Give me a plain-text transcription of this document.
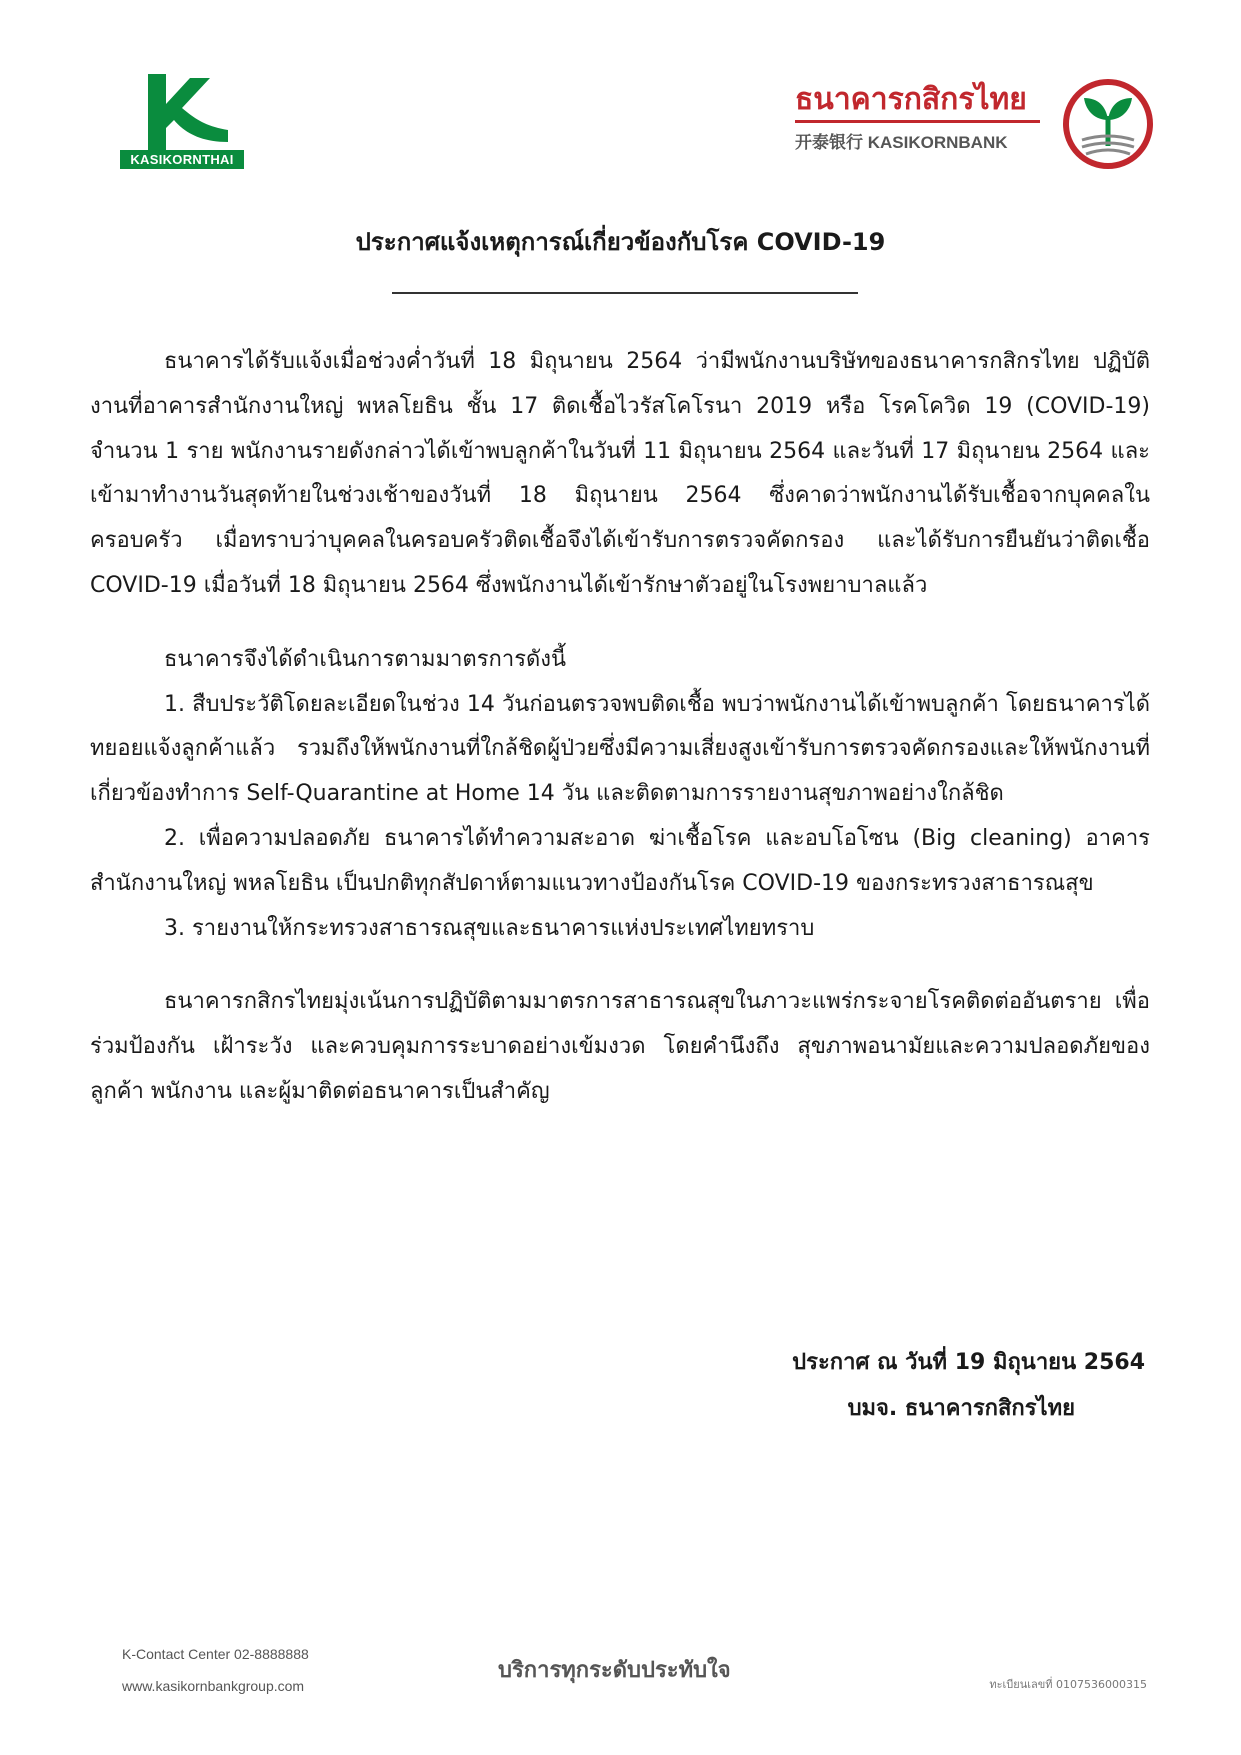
KASIKORNTHAI
ธนาคารกสิกรไทย
开泰银行 KASIKORNBANK
ประกาศแจ้งเหตุการณ์เกี่ยวข้องกับโรค COVID-19

ธนาคารได้รับแจ้งเมื่อช่วงค่ำวันที่ 18 มิถุนายน 2564 ว่ามีพนักงานบริษัทของธนาคารกสิกรไทย ปฏิบัติงานที่อาคารสำนักงานใหญ่ พหลโยธิน ชั้น 17 ติดเชื้อไวรัสโคโรนา 2019 หรือ โรคโควิด 19 (COVID-19) จำนวน 1 ราย พนักงานรายดังกล่าวได้เข้าพบลูกค้าในวันที่ 11 มิถุนายน 2564 และวันที่ 17 มิถุนายน 2564 และเข้ามาทำงานวันสุดท้ายในช่วงเช้าของวันที่ 18 มิถุนายน 2564 ซึ่งคาดว่าพนักงานได้รับเชื้อจากบุคคลในครอบครัว เมื่อทราบว่าบุคคลในครอบครัวติดเชื้อจึงได้เข้ารับการตรวจคัดกรอง และได้รับการยืนยันว่าติดเชื้อ COVID-19 เมื่อวันที่ 18 มิถุนายน 2564 ซึ่งพนักงานได้เข้ารักษาตัวอยู่ในโรงพยาบาลแล้ว

ธนาคารจึงได้ดำเนินการตามมาตรการดังนี้

1. สืบประวัติโดยละเอียดในช่วง 14 วันก่อนตรวจพบติดเชื้อ พบว่าพนักงานได้เข้าพบลูกค้า โดยธนาคารได้ทยอยแจ้งลูกค้าแล้ว รวมถึงให้พนักงานที่ใกล้ชิดผู้ป่วยซึ่งมีความเสี่ยงสูงเข้ารับการตรวจคัดกรองและให้พนักงานที่เกี่ยวข้องทำการ Self-Quarantine at Home 14 วัน และติดตามการรายงานสุขภาพอย่างใกล้ชิด

2. เพื่อความปลอดภัย ธนาคารได้ทำความสะอาด ฆ่าเชื้อโรค และอบโอโซน (Big cleaning) อาคารสำนักงานใหญ่ พหลโยธิน เป็นปกติทุกสัปดาห์ตามแนวทางป้องกันโรค COVID-19 ของกระทรวงสาธารณสุข

3. รายงานให้กระทรวงสาธารณสุขและธนาคารแห่งประเทศไทยทราบ

ธนาคารกสิกรไทยมุ่งเน้นการปฏิบัติตามมาตรการสาธารณสุขในภาวะแพร่กระจายโรคติดต่ออันตราย เพื่อร่วมป้องกัน เฝ้าระวัง และควบคุมการระบาดอย่างเข้มงวด โดยคำนึงถึง สุขภาพอนามัยและความปลอดภัยของลูกค้า พนักงาน และผู้มาติดต่อธนาคารเป็นสำคัญ

ประกาศ ณ วันที่ 19 มิถุนายน 2564
บมจ. ธนาคารกสิกรไทย
K-Contact Center 02-8888888
www.kasikornbankgroup.com
บริการทุกระดับประทับใจ
ทะเบียนเลขที่ 0107536000315
